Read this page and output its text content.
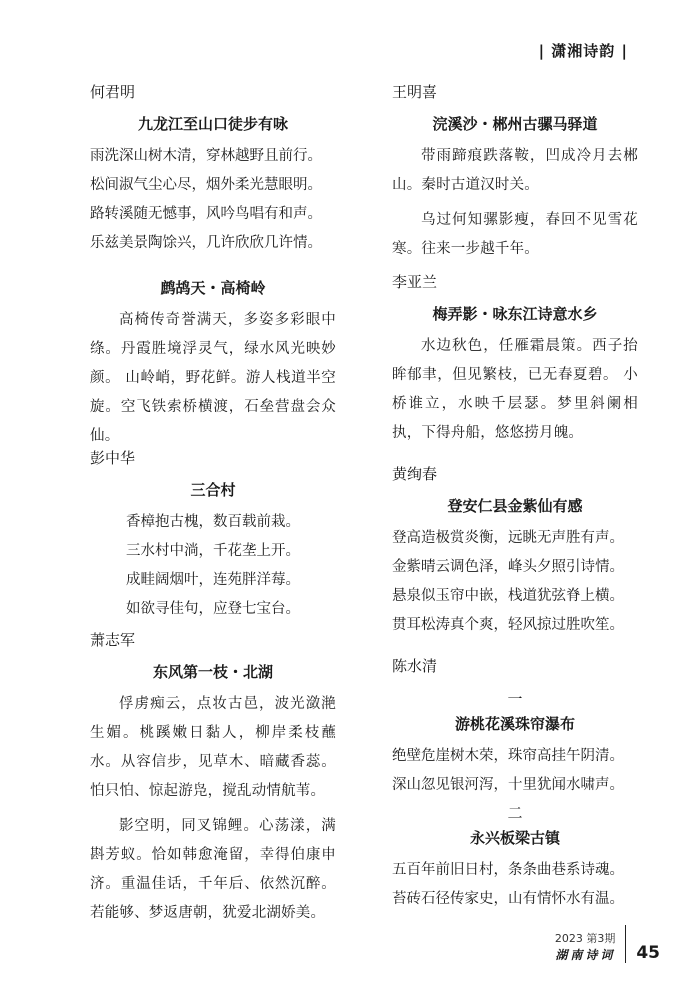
| 潇湘诗韵 |
何君明
九龙江至山口徒步有咏

雨洗深山树木清，穿林越野且前行。

松间淑气尘心尽，烟外柔光慧眼明。

路转溪随无憾事，风吟鸟唱有和声。

乐兹美景陶馀兴，几许欣欣几许情。

鹧鸪天・高椅岭

高椅传奇誉满天，多姿多彩眼中绦。丹霞胜境浮灵气，绿水风光映妙颜。 山岭峭，野花鲜。游人栈道半空旋。空飞铁索桥横渡，石垒营盘会众仙。

彭中华
三合村

香樟抱古槐，数百载前栽。

三水村中淌，千花垄上开。

成畦阔烟叶，连苑胖洋莓。

如欲寻佳句，应登七宝台。

萧志军
东风第一枝・北湖

俘虏痴云，点妆古邑，波光潋滟生媚。桃蹊嫩日黏人，柳岸柔枝蘸水。从容信步，见草木、暗藏香蕊。怕只怕、惊起游凫，搅乱动情航苇。

影空明，同叉锦鲤。心荡漾，满斟芳蚁。恰如韩愈淹留，幸得伯康申济。重温佳话，千年后、依然沉醉。若能够、梦返唐朝，犹爱北湖娇美。

王明喜
浣溪沙・郴州古骡马驿道

带雨蹄痕跌落鞍，凹成冷月去郴山。秦时古道汉时关。

乌过何知骡影瘦，春回不见雪花寒。往来一步越千年。

李亚兰
梅弄影・咏东江诗意水乡

水边秋色，任雁霜晨策。西子抬眸郁聿，但见繁枝，已无春夏碧。 小桥谁立，水映千层瑟。梦里斜阑相执，下得舟船，悠悠捞月魄。

黄绚春
登安仁县金紫仙有感

登高造极赏炎衡，远眺无声胜有声。

金紫晴云调色泽，峰头夕照引诗情。

悬泉似玉帘中嵌，栈道犹弦脊上横。

贯耳松涛真个爽，轻风掠过胜吹笙。

陈水清
一
游桃花溪珠帘瀑布

绝壁危崖树木荣，珠帘高挂午阴清。

深山忽见银河泻，十里犹闻水啸声。

二
永兴板梁古镇

五百年前旧日村，条条曲巷系诗魂。

苔砖石径传家史，山有情怀水有温。

2023 第3期
湖南诗词 45
